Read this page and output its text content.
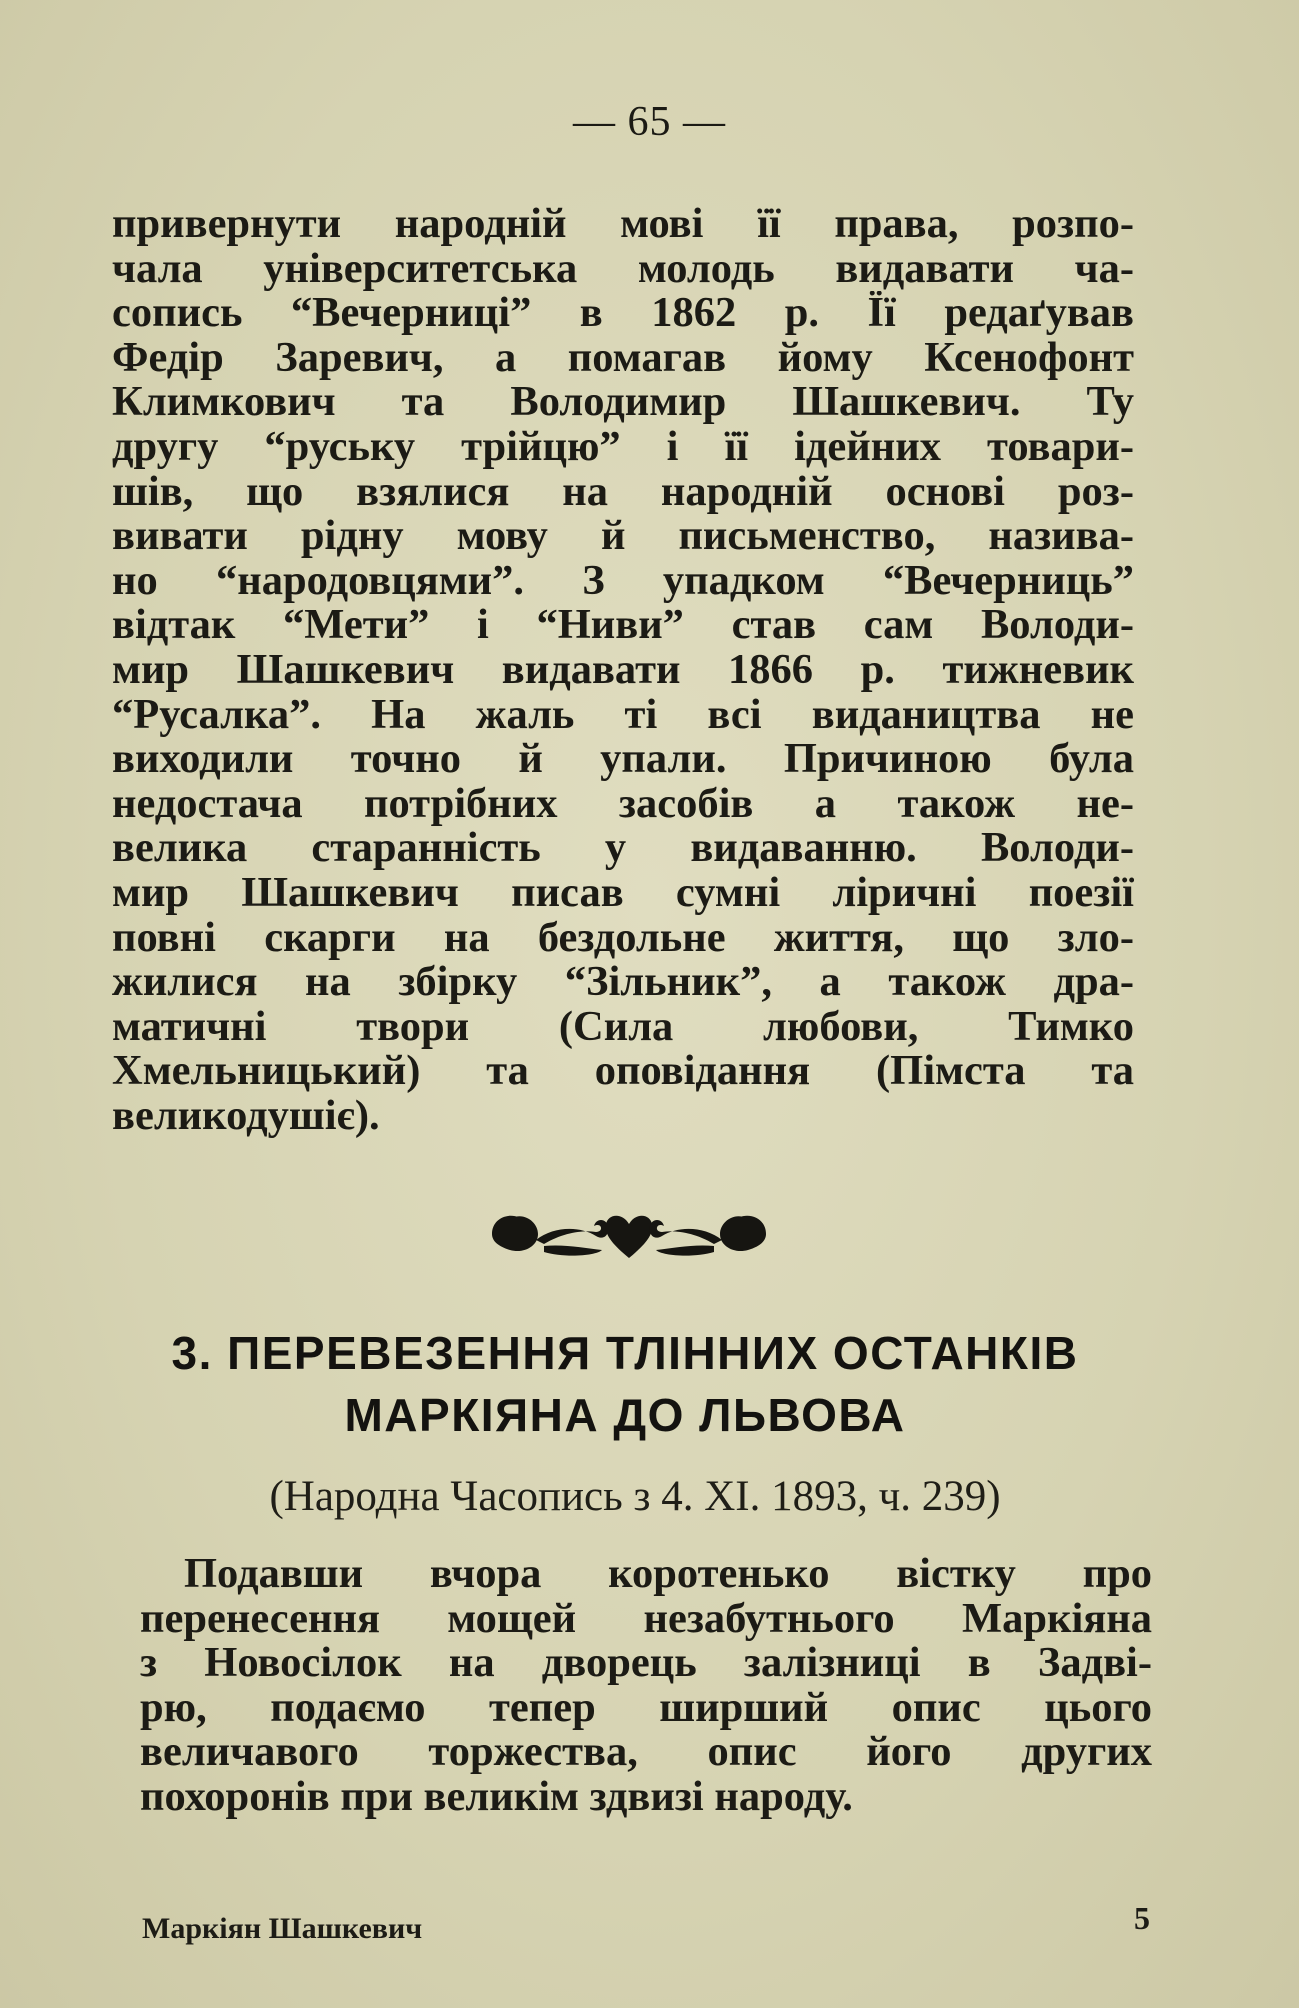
— 65 —
привернути народній мові її права, розпо-
чала університетська молодь видавати ча-
сопись “Вечерниці” в 1862 р. Її редаґував
Федір Заревич, а помагав йому Ксенофонт
Климкович та Володимир Шашкевич. Ту
другу “руську трійцю” і її ідейних товари-
шів, що взялися на народній основі роз-
вивати рідну мову й письменство, назива-
но “народовцями”. З упадком “Вечерниць”
відтак “Мети” і “Ниви” став сам Володи-
мир Шашкевич видавати 1866 р. тижневик
“Русалка”. На жаль ті всі видаництва не
виходили точно й упали. Причиною була
недостача потрібних засобів а також не-
велика старанність у видаванню. Володи-
мир Шашкевич писав сумні ліричні поезії
повні скарги на бездольне життя, що зло-
жилися на збірку “Зільник”, а також дра-
матичні твори (Сила любови, Тимко
Хмельницький) та оповідання (Пімста та
великодушіє).
3. ПЕРЕВЕЗЕННЯ ТЛІННИХ ОСТАНКІВ
МАРКІЯНА ДО ЛЬВОВА
(Народна Часопись з 4. XI. 1893, ч. 239)
Подавши вчора коротенько вістку про
перенесення мощей незабутнього Маркіяна
з Новосілок на дворець залізниці в Задві-
рю, подаємо тепер ширший опис цього
величавого торжества, опис його других
похоронів при великім здвизі народу.
Маркіян Шашкевич	5
